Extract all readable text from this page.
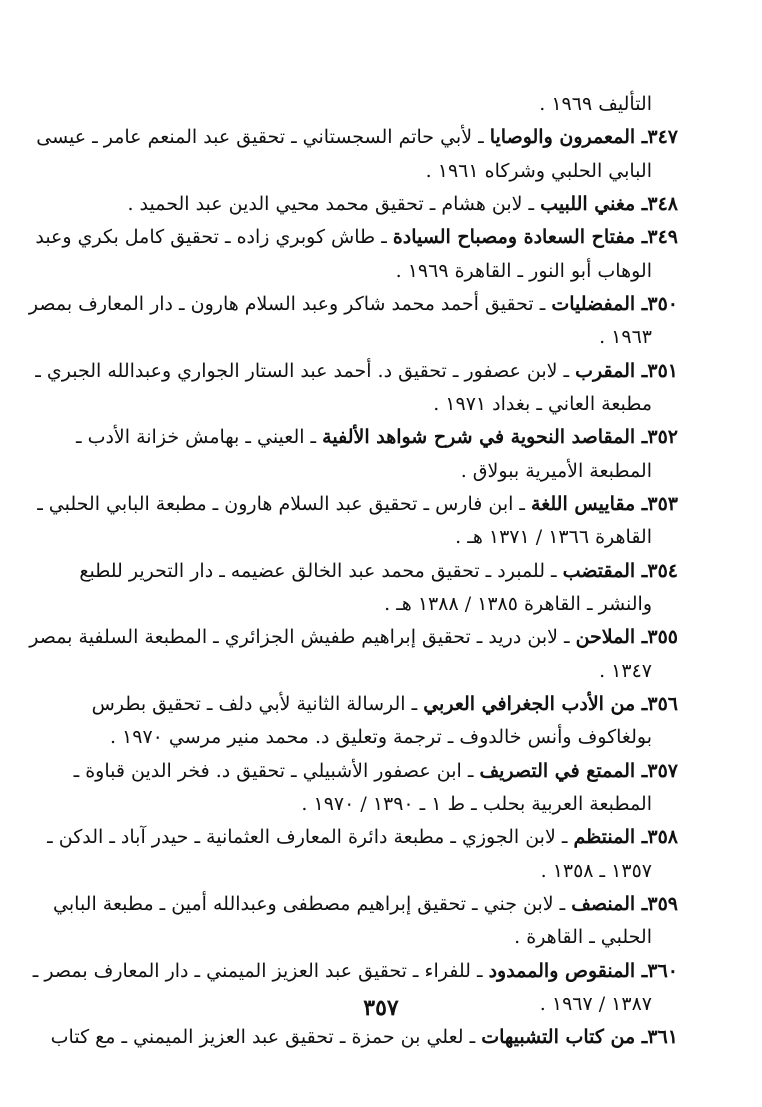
التأليف ١٩٦٩ .
٣٤٧ـ المعمرون والوصايا ـ لأبي حاتم السجستاني ـ تحقيق عبد المنعم عامر ـ عيسى
البابي الحلبي وشركاه ١٩٦١ .
٣٤٨ـ مغني اللبيب ـ لابن هشام ـ تحقيق محمد محيي الدين عبد الحميد .
٣٤٩ـ مفتاح السعادة ومصباح السيادة ـ طاش كوبري زاده ـ تحقيق كامل بكري وعبد
الوهاب أبو النور ـ القاهرة ١٩٦٩ .
٣٥٠ـ المفضليات ـ تحقيق أحمد محمد شاكر وعبد السلام هارون ـ دار المعارف بمصر
١٩٦٣ .
٣٥١ـ المقرب ـ لابن عصفور ـ تحقيق د. أحمد عبد الستار الجواري وعبدالله الجبري ـ
مطبعة العاني ـ بغداد ١٩٧١ .
٣٥٢ـ المقاصد النحوية في شرح شواهد الألفية ـ العيني ـ بهامش خزانة الأدب ـ
المطبعة الأميرية ببولاق .
٣٥٣ـ مقاييس اللغة ـ ابن فارس ـ تحقيق عبد السلام هارون ـ مطبعة البابي الحلبي ـ
القاهرة ١٣٦٦ / ١٣٧١ هـ .
٣٥٤ـ المقتضب ـ للمبرد ـ تحقيق محمد عبد الخالق عضيمه ـ دار التحرير للطبع
والنشر ـ القاهرة ١٣٨٥ / ١٣٨٨ هـ .
٣٥٥ـ الملاحن ـ لابن دريد ـ تحقيق إبراهيم طفيش الجزائري ـ المطبعة السلفية بمصر
١٣٤٧ .
٣٥٦ـ من الأدب الجغرافي العربي ـ الرسالة الثانية لأبي دلف ـ تحقيق بطرس
بولغاكوف وأنس خالدوف ـ ترجمة وتعليق د. محمد منير مرسي ١٩٧٠ .
٣٥٧ـ الممتع في التصريف ـ ابن عصفور الأشبيلي ـ تحقيق د. فخر الدين قباوة ـ
المطبعة العربية بحلب ـ ط ١ ـ ١٣٩٠ / ١٩٧٠ .
٣٥٨ـ المنتظم ـ لابن الجوزي ـ مطبعة دائرة المعارف العثمانية ـ حيدر آباد ـ الدكن ـ
١٣٥٧ ـ ١٣٥٨ .
٣٥٩ـ المنصف ـ لابن جني ـ تحقيق إبراهيم مصطفى وعبدالله أمين ـ مطبعة البابي
الحلبي ـ القاهرة .
٣٦٠ـ المنقوص والممدود ـ للفراء ـ تحقيق عبد العزيز الميمني ـ دار المعارف بمصر ـ
١٣٨٧ / ١٩٦٧ .
٣٦١ـ من كتاب التشبيهات ـ لعلي بن حمزة ـ تحقيق عبد العزيز الميمني ـ مع كتاب
٣٥٧
